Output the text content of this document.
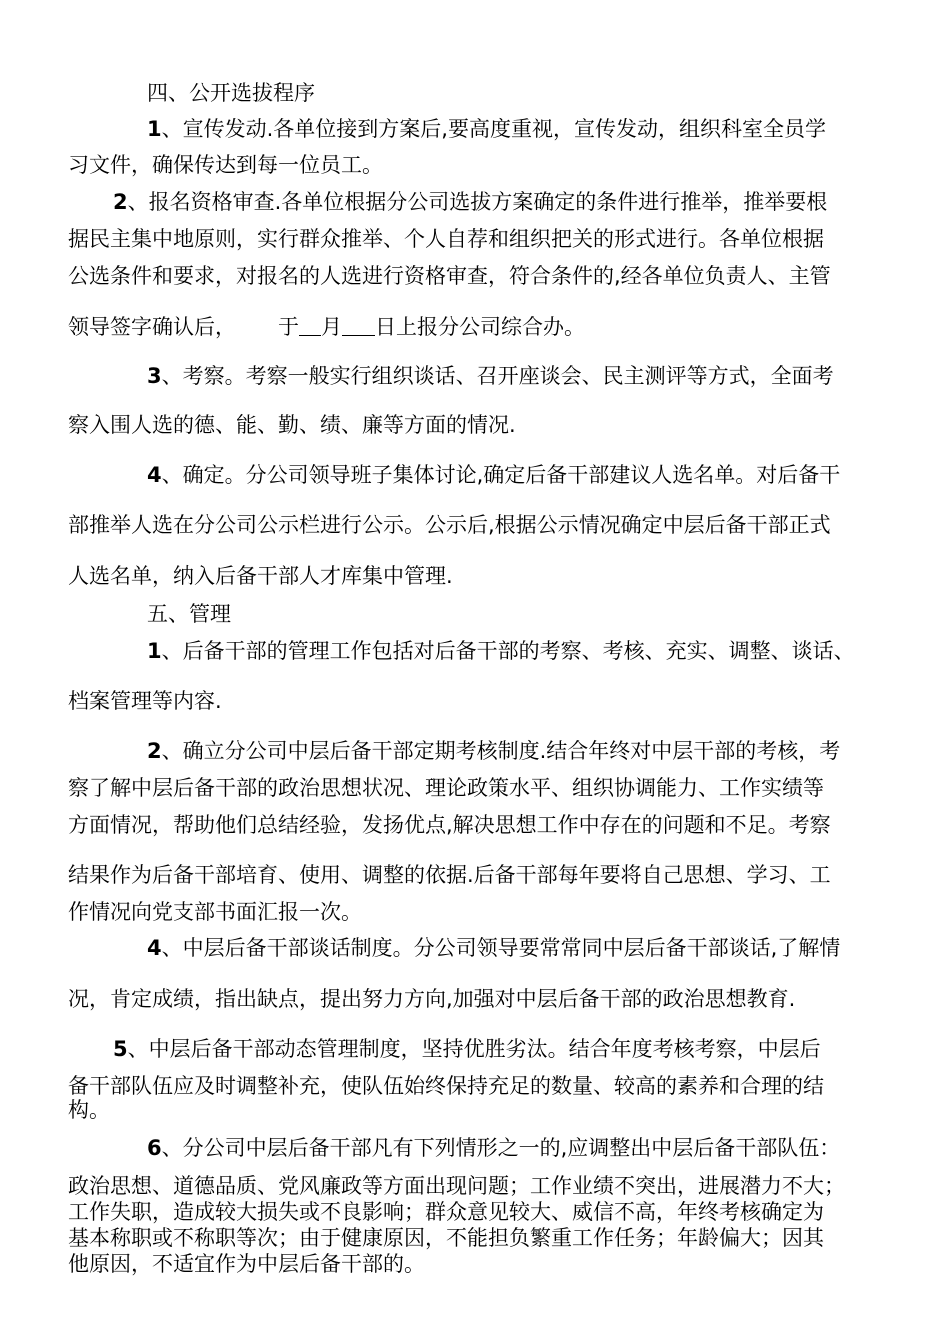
四、公开选拔程序
1、宣传发动.各单位接到方案后,要高度重视，宣传发动，组织科室全员学
习文件，确保传达到每一位员工。
2、报名资格审查.各单位根据分公司选拔方案确定的条件进行推举，推举要根
据民主集中地原则，实行群众推举、个人自荐和组织把关的形式进行。各单位根据
公选条件和要求，对报名的人选进行资格审查，符合条件的,经各单位负责人、主管
领导签字确认后， 于 月 日上报分公司综合办。
3、考察。考察一般实行组织谈话、召开座谈会、民主测评等方式，全面考
察入围人选的德、能、勤、绩、廉等方面的情况.
4、确定。分公司领导班子集体讨论,确定后备干部建议人选名单。对后备干
部推举人选在分公司公示栏进行公示。公示后,根据公示情况确定中层后备干部正式
人选名单，纳入后备干部人才库集中管理.
五、管理
1、后备干部的管理工作包括对后备干部的考察、考核、充实、调整、谈话、
档案管理等内容.
2、确立分公司中层后备干部定期考核制度.结合年终对中层干部的考核，考
察了解中层后备干部的政治思想状况、理论政策水平、组织协调能力、工作实绩等
方面情况，帮助他们总结经验，发扬优点,解决思想工作中存在的问题和不足。考察
结果作为后备干部培育、使用、调整的依据.后备干部每年要将自己思想、学习、工
作情况向党支部书面汇报一次。
4、中层后备干部谈话制度。分公司领导要常常同中层后备干部谈话,了解情
况，肯定成绩，指出缺点，提出努力方向,加强对中层后备干部的政治思想教育.
5、中层后备干部动态管理制度，坚持优胜劣汰。结合年度考核考察，中层后
备干部队伍应及时调整补充，使队伍始终保持充足的数量、较高的素养和合理的结
构。
6、分公司中层后备干部凡有下列情形之一的,应调整出中层后备干部队伍：
政治思想、道德品质、党风廉政等方面出现问题；工作业绩不突出，进展潜力不大；
工作失职，造成较大损失或不良影响；群众意见较大、威信不高，年终考核确定为
基本称职或不称职等次；由于健康原因，不能担负繁重工作任务；年龄偏大；因其
他原因，不适宜作为中层后备干部的。
